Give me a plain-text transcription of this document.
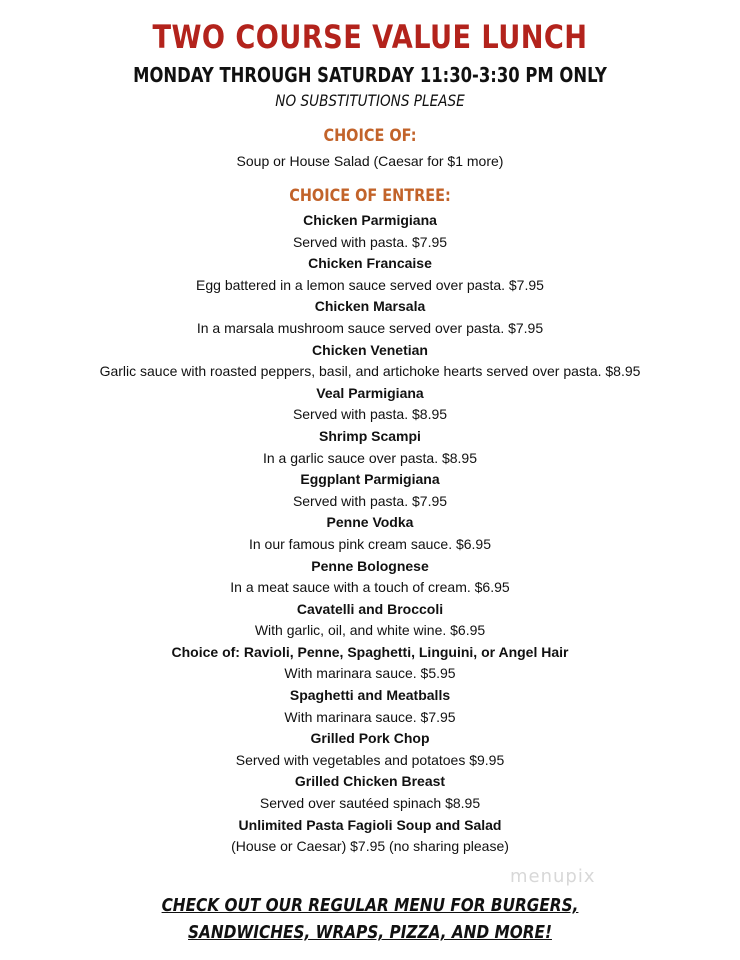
TWO COURSE VALUE LUNCH
MONDAY THROUGH SATURDAY 11:30-3:30 PM ONLY
NO SUBSTITUTIONS PLEASE
CHOICE OF:
Soup or House Salad (Caesar for $1 more)
CHOICE OF ENTREE:
Chicken Parmigiana
Served with pasta. $7.95
Chicken Francaise
Egg battered in a lemon sauce served over pasta. $7.95
Chicken Marsala
In a marsala mushroom sauce served over pasta. $7.95
Chicken Venetian
Garlic sauce with roasted peppers, basil, and artichoke hearts served over pasta. $8.95
Veal Parmigiana
Served with pasta. $8.95
Shrimp Scampi
In a garlic sauce over pasta. $8.95
Eggplant Parmigiana
Served with pasta. $7.95
Penne Vodka
In our famous pink cream sauce. $6.95
Penne Bolognese
In a meat sauce with a touch of cream. $6.95
Cavatelli and Broccoli
With garlic, oil, and white wine. $6.95
Choice of: Ravioli, Penne, Spaghetti, Linguini, or Angel Hair
With marinara sauce. $5.95
Spaghetti and Meatballs
With marinara sauce. $7.95
Grilled Pork Chop
Served with vegetables and potatoes $9.95
Grilled Chicken Breast
Served over sautéed spinach $8.95
Unlimited Pasta Fagioli Soup and Salad
(House or Caesar) $7.95 (no sharing please)
CHECK OUT OUR REGULAR MENU FOR BURGERS,
SANDWICHES, WRAPS, PIZZA, AND MORE!
menupix
